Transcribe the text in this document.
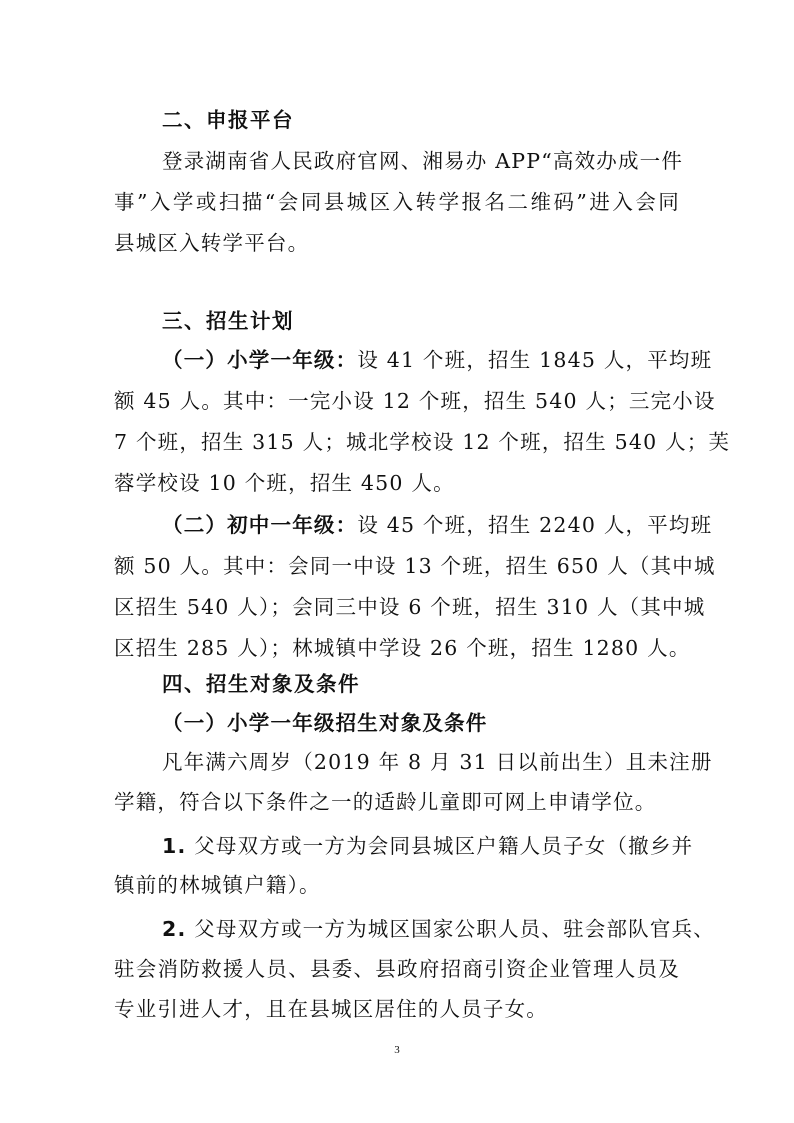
二、申报平台
登录湖南省人民政府官网、湘易办 APP“高效办成一件
事”入学或扫描“会同县城区入转学报名二维码”进入会同
县城区入转学平台。
三、招生计划
（一）小学一年级：设 41 个班，招生 1845 人，平均班
额 45 人。其中：一完小设 12 个班，招生 540 人；三完小设
7 个班，招生 315 人；城北学校设 12 个班，招生 540 人；芙
蓉学校设 10 个班，招生 450 人。
（二）初中一年级：设 45 个班，招生 2240 人，平均班
额 50 人。其中：会同一中设 13 个班，招生 650 人（其中城
区招生 540 人）；会同三中设 6 个班，招生 310 人（其中城
区招生 285 人）；林城镇中学设 26 个班，招生 1280 人。
四、招生对象及条件
（一）小学一年级招生对象及条件
凡年满六周岁（2019 年 8 月 31 日以前出生）且未注册
学籍，符合以下条件之一的适龄儿童即可网上申请学位。
1. 父母双方或一方为会同县城区户籍人员子女（撤乡并
镇前的林城镇户籍）。
2. 父母双方或一方为城区国家公职人员、驻会部队官兵、
驻会消防救援人员、县委、县政府招商引资企业管理人员及
专业引进人才，且在县城区居住的人员子女。
3
